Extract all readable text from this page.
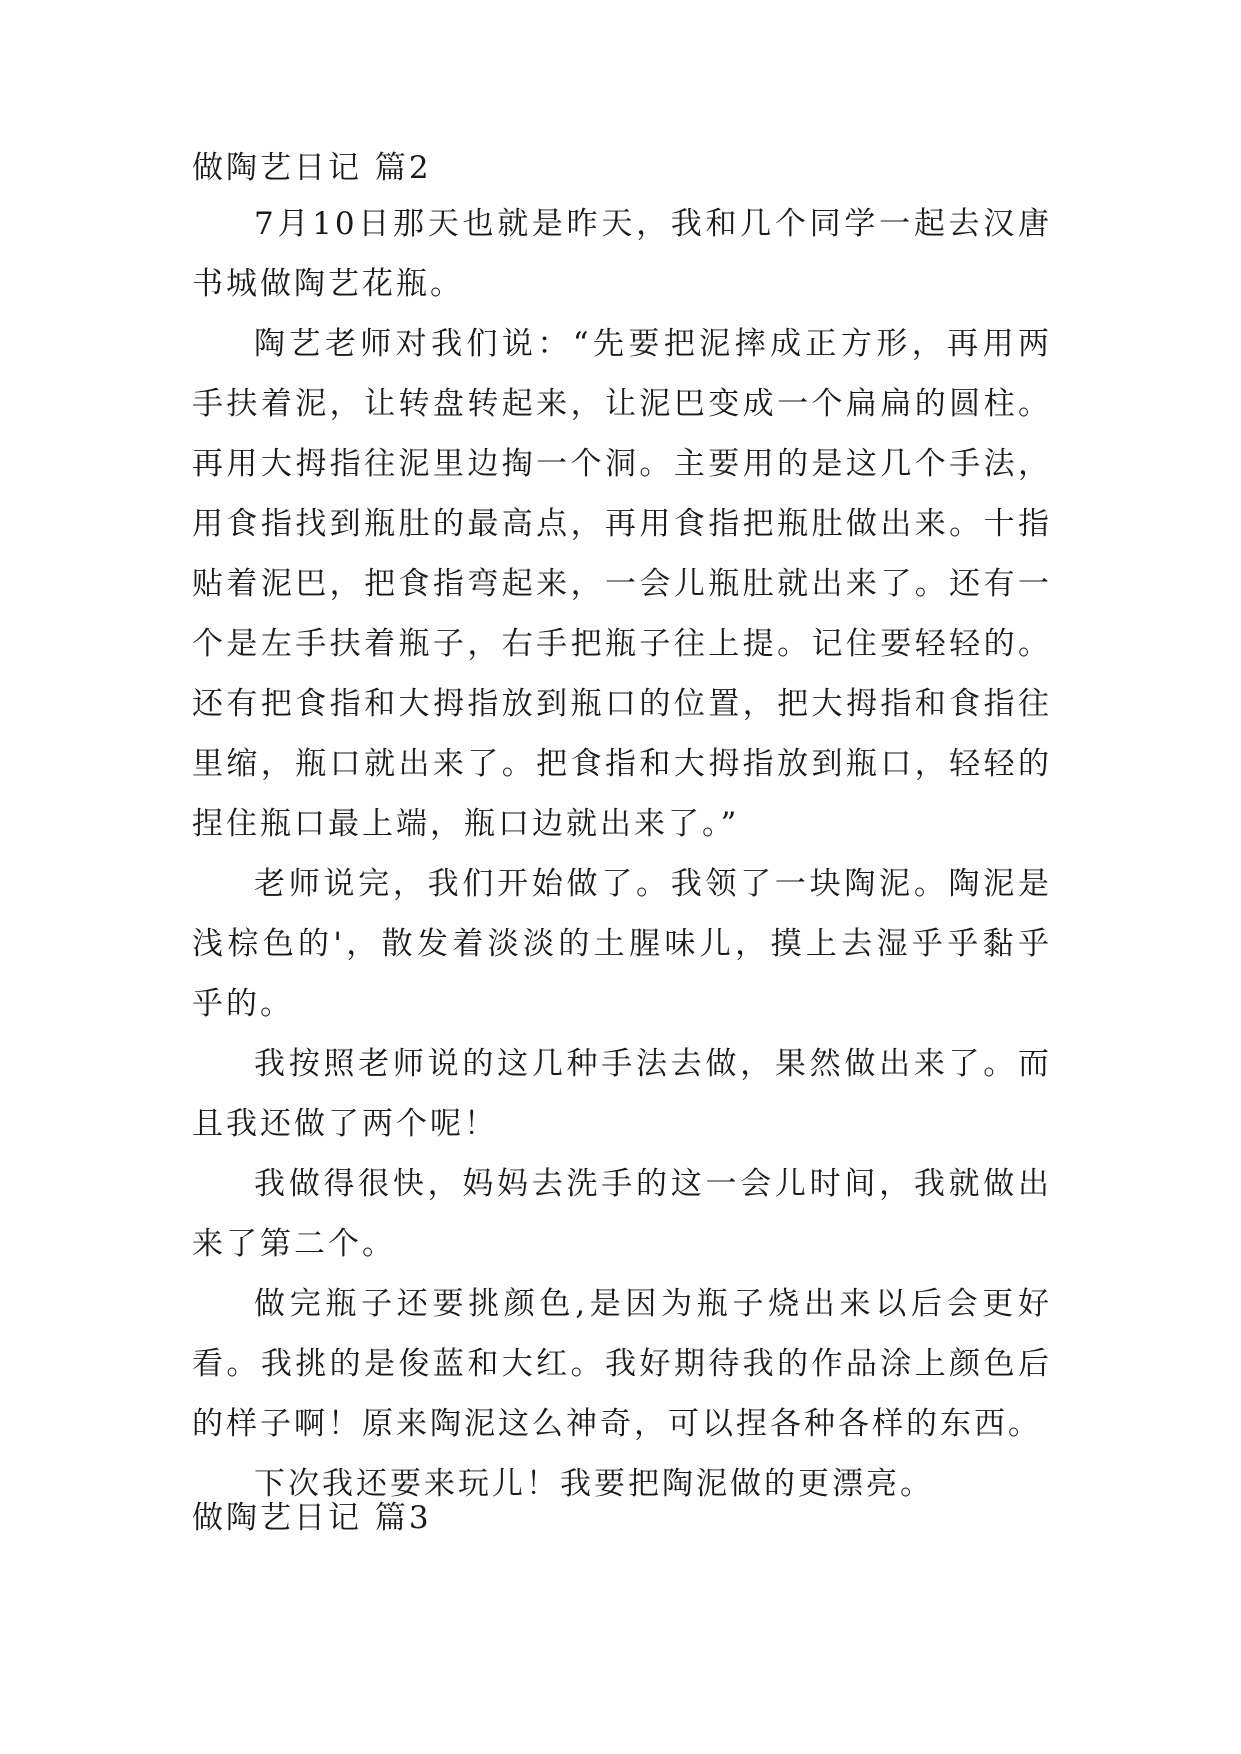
做陶艺日记 篇2

7月10日那天也就是昨天，我和几个同学一起去汉唐书城做陶艺花瓶。

陶艺老师对我们说：“先要把泥摔成正方形，再用两手扶着泥，让转盘转起来，让泥巴变成一个扁扁的圆柱。再用大拇指往泥里边掏一个洞。主要用的是这几个手法，用食指找到瓶肚的最高点，再用食指把瓶肚做出来。十指贴着泥巴，把食指弯起来，一会儿瓶肚就出来了。还有一个是左手扶着瓶子，右手把瓶子往上提。记住要轻轻的。还有把食指和大拇指放到瓶口的位置，把大拇指和食指往里缩，瓶口就出来了。把食指和大拇指放到瓶口，轻轻的捏住瓶口最上端，瓶口边就出来了。”

老师说完，我们开始做了。我领了一块陶泥。陶泥是浅棕色的'，散发着淡淡的土腥味儿，摸上去湿乎乎黏乎乎的。

我按照老师说的这几种手法去做，果然做出来了。而且我还做了两个呢！

我做得很快，妈妈去洗手的这一会儿时间，我就做出来了第二个。

做完瓶子还要挑颜色,是因为瓶子烧出来以后会更好看。我挑的是俊蓝和大红。我好期待我的作品涂上颜色后的样子啊！原来陶泥这么神奇，可以捏各种各样的东西。

下次我还要来玩儿！我要把陶泥做的更漂亮。

做陶艺日记 篇3
